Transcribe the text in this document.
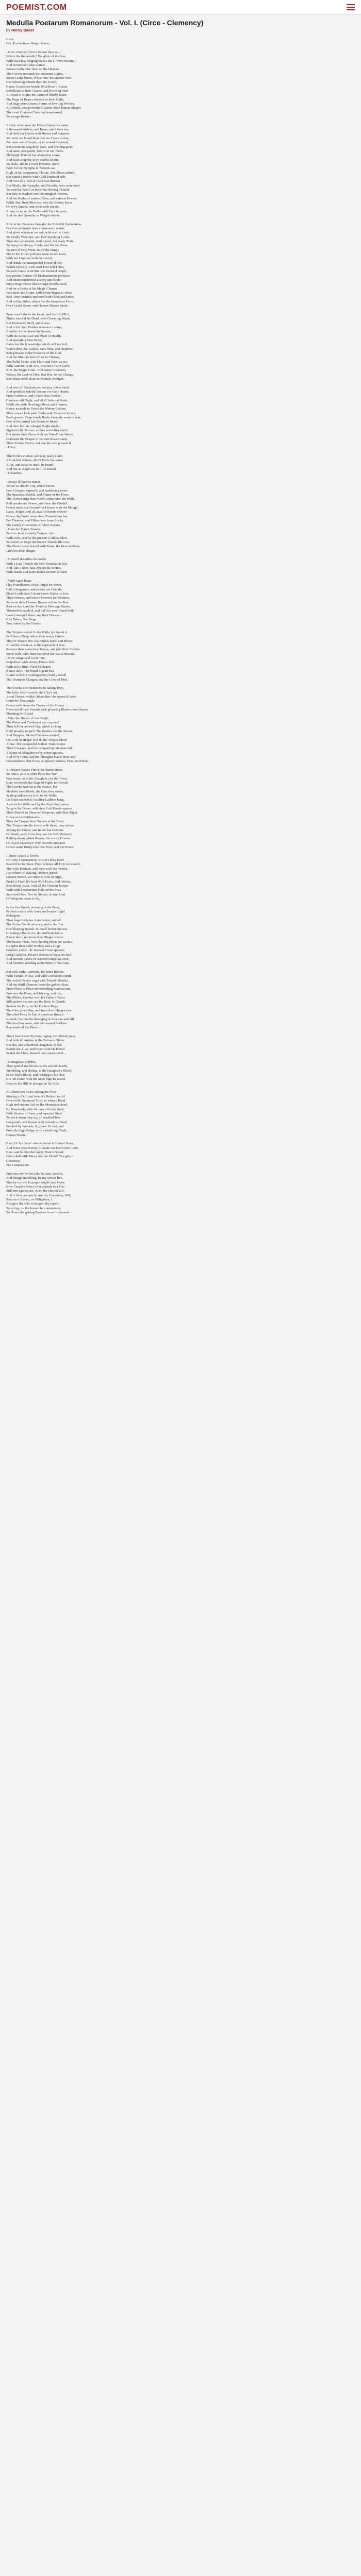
POEMIST.COM
Medulla Poetarum Romanorum - Vol. I. (Circe - Clemency)
by Henry Baker
Circe.
Ovi. Enchantress. Magic Power.
- Now close by Circe's Shores they sail,
Where the the wealthy Daughter of the Sun,
With ceaseless Singing makes the Groves resound;
And nocturnal Cedar Lamps,
Whose ruddy Fire flash on the Heaven,
The Groves resound; the nocturnal Lights,
Sweet Cedar burns, While thro' the slender Web
Her whistling Shuttle thro' the Loom,
Hence Groans are heard; Wild Roar of Lions,
Rebellious to their Chains, and Howling loud
At Dead of Night; the Grunt of bristly Boars
The Rage of Bears reluctant to their Stalls,
And huge promiscuous Forms of howling Wolves,
All which, with powerful Charms, from human Shapes
The cruel Goddess Circe had transform'd
To savage Beasts -
Arrivd, when near the Palace Gates) we came,
A thousand Wolves, and Bears, and Lions rise,
And chill our Hearts with Horror and Surprize:
Yet none we found there was no Cause to fear,
For none seem'd ready, or to wound disposed,
But courteous wag their Tails, and fawning greet,
And tame, and gentle, follow at our Heels.
Th' bright Train of her attendants come,
And lead us up the lofty marble Dome,
To Halls, and to a royal Presence shew;
Who for the Nymphs & Nereids sat,
High, in her sumptuous Throne, She Sheen attired,
Her comely Robes with Gold Enchas'd rich,
And over all a Veil of Gold was thrown.
Her Maids, the Nymphs, and Nereids, ne'er were tired
To card the Wool, or draw the flowing Thread;
But they in Baskets sort the mingled Flowers,
And the Herbs of various Hues, and various Powers.
While She, their Mistress, who the Virtues knew
Of ev'ry Simple, and what each can do,
Alone, or mixt, the Herbs with Care imparts,
And the due Quantity in Weight directs.
Now to her Presence brought, the Pow'rful Enchantress
Our Complements does courteously return;
And gives whatever we ask, with such a Look,
So Kindly Welcome, and Fair Speaking Looks;
Then she commands, with Speed, her ready Train,
To bring the Honey, Curds, and Barley Grain;
To pierc'd Vine-Wine, mix'd the Drugs
She to the Prince pollutes some secret Juice;
With her Cups we hold the crowd,
And drank the unsuspected Poison down.
Which Quickly, with swift Feel and Thirst,
To each Guest, with him she Stroke'd deeply
Her potent Charms All Enchantments produces
And strait transform'd a Bevy and Brute,
Into a Hog, whose Skins rough Bristles took,
And on a Swine at his Magic Charms
We stand, and Grunt, with Swine began to sleep,
Sad: Their Mortals enclosed with Flesh and Hide;
And in like Stiles, where lies the beauteous Form,
Our Crystal Sense, and Human Shapes retain.
Tears turn'd she to the fount, and the fe'd Mir's,
Thrice touch'd his Head, with Charming Wand;
Her Enchanted Staff, and Roses,
And to his Son, Pelides remains to come,
Another Art to charm the Senses,
With the Lotus Leaf and Plant of Health,
And spreading their Blood
Came but the Knowledge which will not fall,
Where they, the Valiant, were Men, and Nephew:
Being Beasts to the Presence of the God,
And the Mind to Sorrow sat in Charms,
The Pallid Paths, with Flesh and Form as ere,
With Amours, with Arts, was one's Faith Gave;
Now the Magic Graft, with many Creatures,
Whom, the Lash of Dire, that Roe, to the Change,
But Shape itself alone to Mortals wrought.
And now till Enchantress noxious Juices shed,
And sprinkles baleful Venom o'er their Heads;
From Cerberus, and Chaos' dire Abodes,
Conjures old Night, and all th' Infernal Gods:
While she with Howlings Hecat and Hermes,
Hence ascends to Vexed the Watery Realms,
Their sowan look pale, Herbs with Dread of Grace:
Earth groans; Dogs howl; Rocks hoarsely seem to roar;
One of the turned fair Beasts to Beast;
And thro' the Air a deeper Night shade...
Sighted with Terrors, as they trembling stand,
Her stroke their Paces with her Wond'rous Wand;
Outfound the Shapes of various Beasts many
Their Former Forms, not one his own possess'd.
- Circe.
This Form's eternal, and may justly claim
A God-like Nature, all it's Part's the same;
Alike, and equal to itself 'tis found,
And not an Angle aw to fill a Round.
- Cleanthes.
- Away! ill Knows stands
To see so simple City, where before
Low Cottages appear'd, and wandering nowe
The Spacious Marble, and Frame of the Floor.
The Tyrians urge their Work: some raise the Walls,
Roll ponderous Stones, and form the Citadel:
Others mark out Ground for Houses with the Plough;
Laws, Judges, and all awaiful Senate choose:
Others dig Ports; some deep Foundations lay
For Theatres, and Pillars hew from Rocks,
The stately Ornaments of future Scenes. -
- Here the Tyrian Towers,
To Juno built a stately Temple, rich
With Gifts, and by the present Goddess blest.
To which on Steps the brazen Thresholds rose;
The Beams were braced with Brass: the Brazen Doors
Jarr'd on their Hinges -
- Himself describes the Walls
With a Law Trench; the first Foundation lays
And, like a Seer, fans Ayp on the Stones.
With Banks and Battlements environ around.
- With eager Haste
I lay Foundations of the long'd for Town.
Call it Pergamos, and exhort our Friends,
Pleas'd with their Colony's new Name, to love
Their Homes, and raise a Fortress for Defence,
Some on their Houses, Braves within the Post
Rest on dry Land the Youth in Marriage Bands,
Themselves apply'd, and toil'd in new-found Soil;
Laws I assign'd them, and their Houses -
City Taken, See Siege.
Troy taken by the Greeks.
The Trojans scaled t'o the Walls, lyé found it
In Silence; Deep rallies their weary Limbs;
They're Towers fire, the Portals bar'd, and Blows
All ad the Senators, at the approach of one;
Receive their conscious Troops, and join their Friends:
Some with, with Time curled of the Walls resound.
- Now sangnoal'd to the Fire.
Deipobius' wide stately Palace falls.
With noisy Ruin; Next Ucalegon
Blazes aloft. The broad Sigean Sea
Glares with the Conflagration; loudly sound
The Trumpets Clangor, and the Cries of Men.
The Greeks now dominere in falling Troy;
The lofty Sword amidst the City's Joy
Armd Troops; whilst Others thro' the opens'd Gates
Come by Thousands;
Others with Arms the Passes of the Streets
Have seiz'd their Swords with glittering Blades stand drawn,
Thirsting for Blood;
- Who the Horror of that Night,
The Ruins and Confusion can express?
Then fell the antient City, which so long
Held proudly reign'd. The Bodies o'er the Streets
And Temples, Moles Carcasses around,
Lie, cold in Heaps: Nor do the Trojans bleed
Alone. The vanquish'd in their Turn resume
Their Courage, and the conquering Grecians fall.
A Scene of Slaughter ev'ry where appears,
And ev'ry Form, and the Thoughts Hadst them and
Lamentations, that flows as Spleen, Sorrow, Fear, and Death.
At Priam's Palace Fierce the Battle burns:
So fierce, as if in other Part's the War
Was heard; as in the Slaughter o'er the Town.
Here we beheld the Rage of Fight; in Crowds
The Greeks rush on to the Palace, Pal
Shielded over Heads, the Gate they storm,
Scaling-ladders are fix'd to the Walls;
Lo Steps ascended, Guiding Ladders hang,
Against the Walls and by the Steps they strive
To gain the Doors: with their Left Hands oppose
Their Shields to Shun the Weapons, with their Right
Grasp at the Battlements. -
Then the Trojans their Turrets in the Town
The Trojans tumble down; with these, they strove
Setting the Palace, and in the last Extreme
Of Death, such Arms they use for their Defence;
Rolling down gilded Beams, the costly Frames
Of Royal Ancestors: With Swords undrawn
Others stand firmly thro' the Ports, and the Doors.
- There I stood a Tower,
Of Lofty Construction, with it's lofty Roof
Reach'd to the Stars: From whence all Troy we view'd,
The wide Horizon, and wide each our Towns;
Just where th' shaking Timbers joined
Loosen Stones, we smite it from on high,
Push't it From It's Seat With Force, both Works,
Beat down, Ruin, with all the Grecian Troops
With wide Destruction Falls on the Foes
Survived Here: Nor do Stones, or any Kind
Of Weapons cease to fly. -
In the first Portal, storming at the Door,
Pyrrhus exults with Arms and brazen Light
Refulgent -
Then huge Periphas Automedon, and all
The Syrian Youth advance, and to the Top
Hurl flaming Brands. Himself before the rest,
Grasping a Battle-Ax, the stubborn Doors
Bursts thro', and from their Hinges wrests
The brazen Posts. Now, having hewn the Beams,
He splits their solid Timber, and a Huge
Window yields - th' internal Court appears;
Long Galleries, Priam's Rooms of State are laid,
And ancient Palace of Ancient Kings lay seen,
And Sentries standing at the Entry of the Gate.
But with sinful Lamenta, the inner Rooms,
With Tumult, Noise, and wild Confusion sound:
The arched Palace rings with Female Shrieks;
And the shrill Clamour beats the golden Stars.
From Place to Place the trembling Matrons run,
Embrace the Posts, and Kissing, and rue,
The Pillars, Pyrrhus with his Father's Force
Still pushes on; nor can the Bars, or Guards
Sustain his Fury. At the Furthest Rays
The Gate gives Way, and from their Hinges torn
The solid Posts lie flat. A spacious Breach
Is made; the Greeks thronging in break in and kill
The first they meet, and with armed Soldiers
Replenish all the Place. -
There Saw I-new Pyrrhus, raging with Blood, pass,
And both th' Atridae in the Entrance Shine:
Hecuba, and a hundred Daughters-in-law
Beside the Altar, and Priam with his Blood
Sealed the Fires, himself had consecrate'd. -
- Outrageous Pyrrhus,
Thus spoil'd and throws to the sacred Hearth,
Trembling, and sliding, in the Daughter's Blood,
In his Son's Blood, and twisting in his Hair
His left Hand, with the other high he raised
Deep to the Hilt he plunges in his Side.
All Ilium now I saw among the Fires
Sinking to Fall, and from it's Bottom turn'd
Down fell: Neptunus Troy; as when a Band
High and antient Ash on the Mountains head,
By Shepherds, with Strokes of hardy Steel
With Strokes of Axes, and repeated Steel
To cut it down they try, th' assailed Tree
Long nods, and threats with tremulous Head
Subdu'd by Wounds, it groans it's last, and
From the high Ridge, with a tumbling Flash,
Comes Down -
Heat, O! his Gods! who in Seven'n Control Vows,
And brave your Power, to shake our Earth your Care,
Hear, and let him the happy Hour's Breast:
What shall with Mercy use the Flood? You give -
Clemency.
See Compassion.
From me thy forfeit Life, be sure, receive,
And though unwilling, by my favour live.
That by my thy Example taught may know,
How Caesar's Mercy ev'n extends to a Foe.
Still arm against me, Keep thy Hatred still,
And if thou conquer'st, use thy Conquests, Will.
Returns of Grace, or Obligation, I
Nor give thy Life to bargain thy rejoin -
To spring, on the Instant he commences,
To Honor the gaiting Pardons from his bounds -
